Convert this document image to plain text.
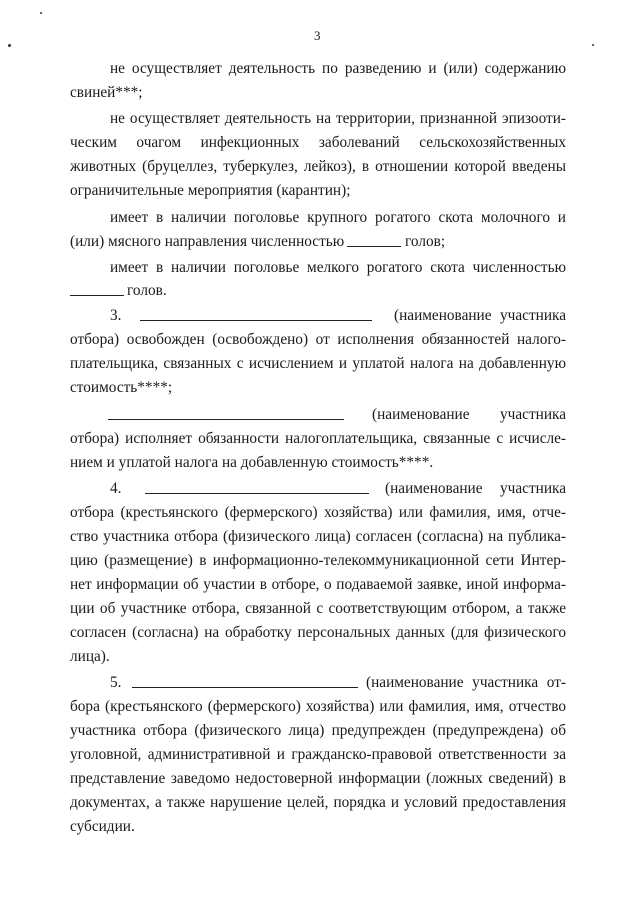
3
не осуществляет деятельность по разведению и (или) содержанию
свиней***;
не осуществляет деятельность на территории, признанной эпизооти-
ческим очагом инфекционных заболеваний сельскохозяйственных
животных (бруцеллез, туберкулез, лейкоз), в отношении которой введены
ограничительные мероприятия (карантин);
имеет в наличии поголовье крупного рогатого скота молочного и
(или) мясного направления численностью	голов;
имеет в наличии поголовье мелкого рогатого скота численностью
голов.
3.	(наименование участника
отбора) освобожден (освобождено) от исполнения обязанностей налого-
плательщика, связанных с исчислением и уплатой налога на добавленную
стоимость****;
(наименование участника
отбора) исполняет обязанности налогоплательщика, связанные с исчисле-
нием и уплатой налога на добавленную стоимость****.
4.	(наименование участника
отбора (крестьянского (фермерского) хозяйства) или фамилия, имя, отче-
ство участника отбора (физического лица) согласен (согласна) на публика-
цию (размещение) в информационно-телекоммуникационной сети Интер-
нет информации об участии в отборе, о подаваемой заявке, иной информа-
ции об участнике отбора, связанной с соответствующим отбором, а также
согласен (согласна) на обработку персональных данных (для физического
лица).
5.	(наименование участника от-
бора (крестьянского (фермерского) хозяйства) или фамилия, имя, отчество
участника отбора (физического лица) предупрежден (предупреждена) об
уголовной, административной и гражданско-правовой ответственности за
представление заведомо недостоверной информации (ложных сведений) в
документах, а также нарушение целей, порядка и условий предоставления
субсидии.
